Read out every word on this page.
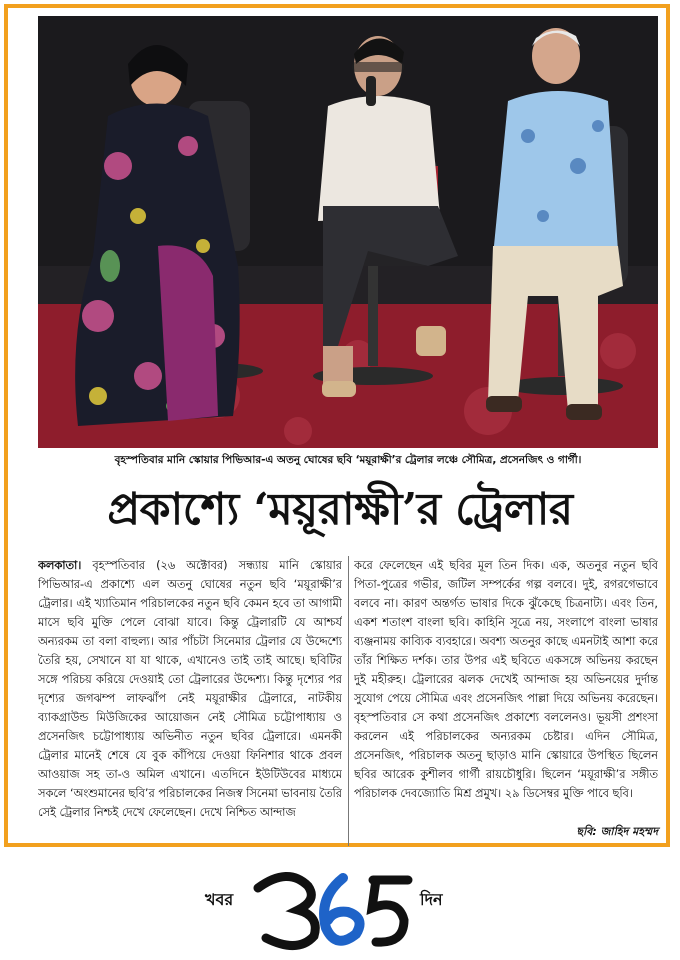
বৃহস্পতিবার মানি স্কোয়ার পিভিআর-এ অতনু ঘোষের ছবি ‘ময়ূরাক্ষী’র ট্রেলার লঞ্চে সৌমিত্র, প্রসেনজিৎ ও গার্গী।
প্রকাশ্যে ‘ময়ূরাক্ষী’র ট্রেলার
কলকাতা। বৃহস্পতিবার (২৬ অক্টোবর) সন্ধ্যায় মানি স্কোয়ার পিভিআর-এ প্রকাশ্যে এল অতনু ঘোষের নতুন ছবি ‘ময়ূরাক্ষী’র ট্রেলার। এই খ্যাতিমান পরিচালকের নতুন ছবি কেমন হবে তা আগামী মাসে ছবি মুক্তি পেলে বোঝা যাবে। কিন্তু ট্রেলারটি যে আশ্চর্য অন্যরকম তা বলা বাহুল্য। আর পাঁচটা সিনেমার ট্রেলার যে উদ্দেশ্যে তৈরি হয়, সেখানে যা যা থাকে, এখানেও তাই তাই আছে। ছবিটির সঙ্গে পরিচয় করিয়ে দেওয়াই তো ট্রেলারের উদ্দেশ্য। কিন্তু দৃশ্যের পর দৃশ্যের জগঝম্প লাফঝাঁপ নেই ময়ূরাক্ষীর ট্রেলারে, নাটকীয় ব্যাকগ্রাউন্ড মিউজিকের আয়োজন নেই সৌমিত্র চট্টোপাধ্যায় ও প্রসেনজিৎ চট্টোপাধ্যায় অভিনীত নতুন ছবির ট্রেলারে। এমনকী ট্রেলার মানেই শেষে যে বুক কাঁপিয়ে দেওয়া ফিনিশার থাকে প্রবল আওয়াজ সহ তা-ও অমিল এখানে। এতদিনে ইউটিউবের মাধ্যমে সকলে ‘অংশুমানের ছবি’র পরিচালকের নিজস্ব সিনেমা ভাবনায় তৈরি সেই ট্রেলার নিশ্চই দেখে ফেলেছেন। দেখে নিশ্চিত আন্দাজ
করে ফেলেছেন এই ছবির মূল তিন দিক। এক, অতনুর নতুন ছবি পিতা-পুত্রের গভীর, জটিল সম্পর্কের গল্প বলবে। দুই, রগরগেভাবে বলবে না। কারণ অন্তর্গত ভাষার দিকে ঝুঁকেছে চিত্রনাট্য। এবং তিন, একশ শতাংশ বাংলা ছবি। কাহিনি সূত্রে নয়, সংলাপে বাংলা ভাষার ব্যঞ্জনাময় কাব্যিক ব্যবহারে। অবশ্য অতনুর কাছে এমনটাই আশা করে তাঁর শিক্ষিত দর্শক। তার উপর এই ছবিতে একসঙ্গে অভিনয় করছেন দুই মহীরুহ। ট্রেলারের ঝলক দেখেই আন্দাজ হয় অভিনয়ের দুর্দান্ত সুযোগ পেয়ে সৌমিত্র এবং প্রসেনজিৎ পাল্লা দিয়ে অভিনয় করেছেন। বৃহস্পতিবার সে কথা প্রসেনজিৎ প্রকাশ্যে বললেনও। ভূয়সী প্রশংসা করলেন এই পরিচালকের অন্যরকম চেষ্টার। এদিন সৌমিত্র, প্রসেনজিৎ, পরিচালক অতনু ছাড়াও মানি স্কোয়ারে উপস্থিত ছিলেন ছবির আরেক কুশীলব গার্গী রায়চৌধুরি। ছিলেন ‘ময়ূরাক্ষী’র সঙ্গীত পরিচালক দেবজ্যোতি মিশ্র প্রমুখ। ২৯ ডিসেম্বর মুক্তি পাবে ছবি।
ছবি: জাহিদ মহম্মদ
খবর
৩৬৫
দিন
